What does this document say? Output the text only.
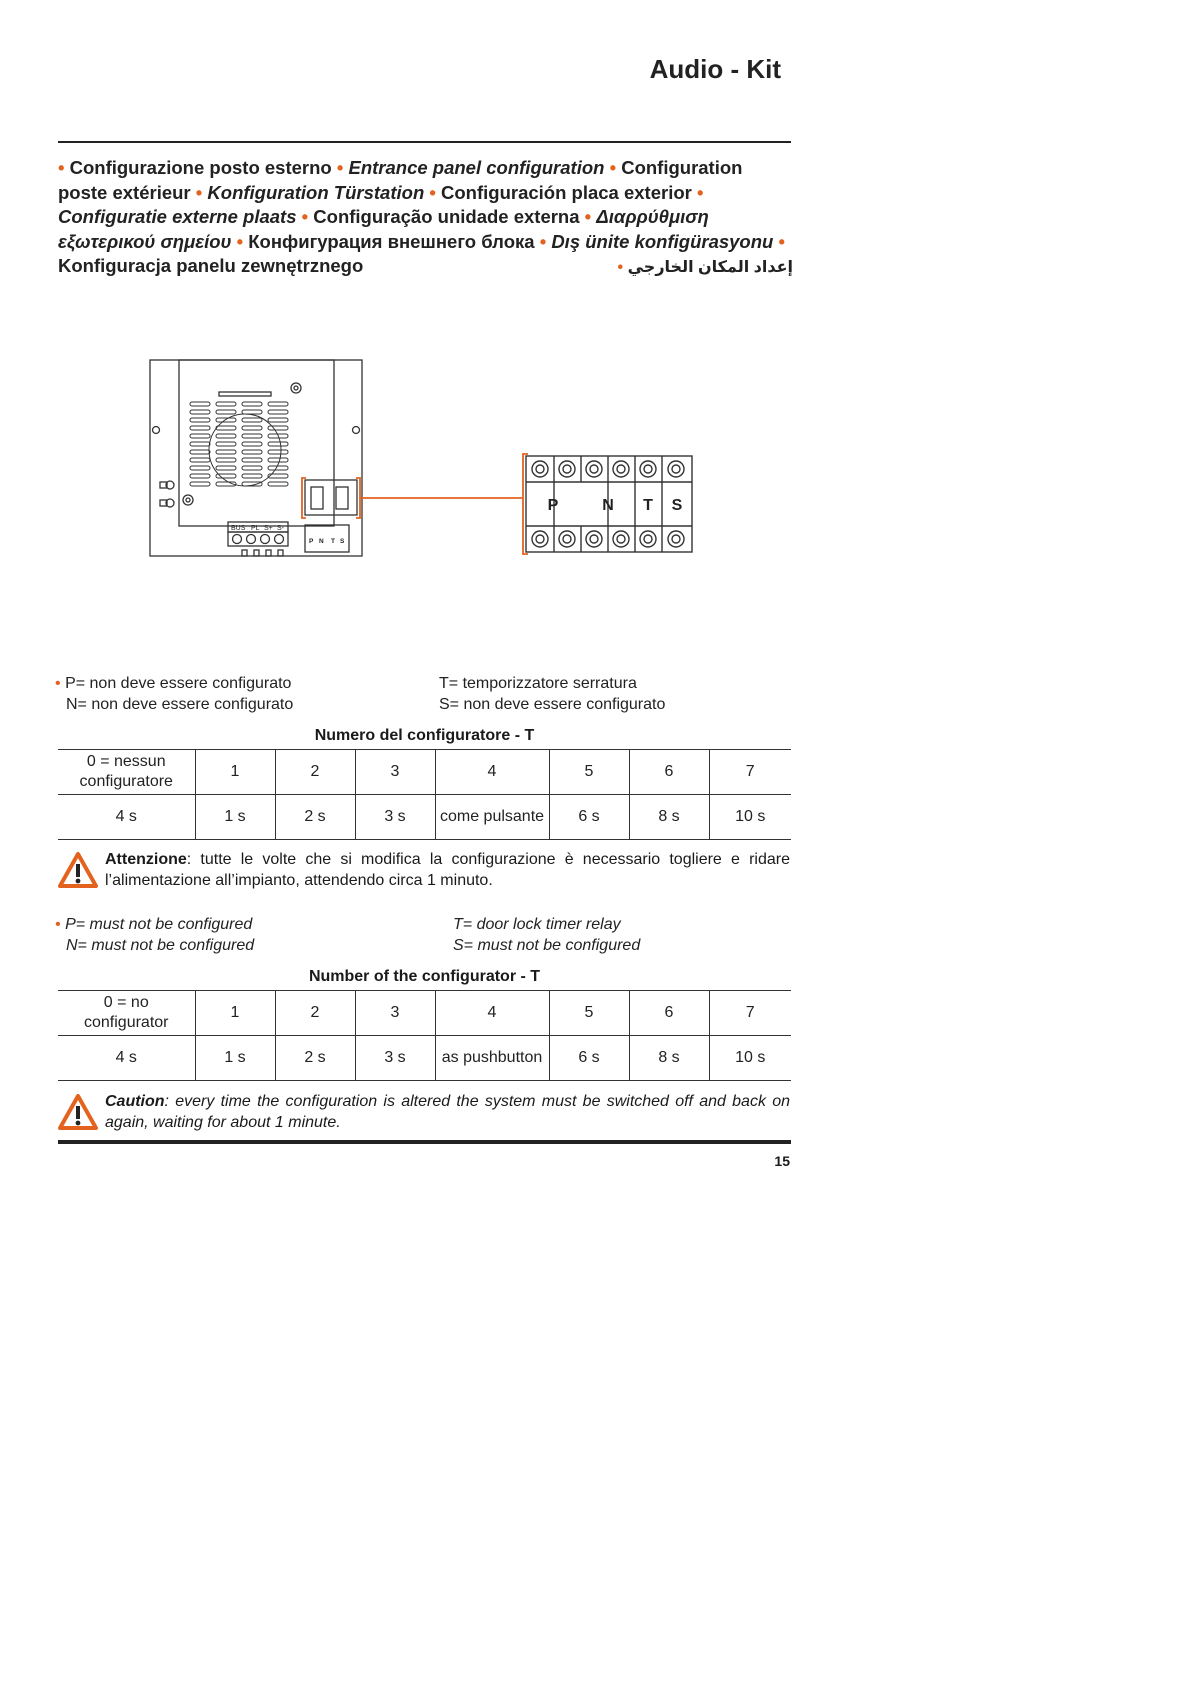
Audio - Kit
• Configurazione posto esterno • Entrance panel configuration • Configuration poste extérieur • Konfiguration Türstation • Configuración placa exterior • Configuratie externe plaats • Configuração unidade externa • Διαρρύθμιση εξωτερικού σημείου • Конфигурация внешнего блока • Dış ünite konfigürasyonu • Konfiguracja panelu zewnętrznego	إعداد المكان الخارجي •
BUS PL S+ S-
P N T S
P	N T S
• P= non deve essere configurato
N= non deve essere configurato
T= temporizzatore serratura
S= non deve essere configurato
Numero del configuratore - T
0 = nessun configuratore	1	2	3	4	5	6	7
4 s	1 s	2 s	3 s	come pulsante	6 s	8 s	10 s
Attenzione: tutte le volte che si modifica la configurazione è necessario togliere e ridare l’alimentazione all’impianto, attendendo circa 1 minuto.
• P= must not be configured
N= must not be configured
T= door lock timer relay
S= must not be configured
Number of the configurator - T
0 = no configurator	1	2	3	4	5	6	7
4 s	1 s	2 s	3 s	as pushbutton	6 s	8 s	10 s
Caution: every time the configuration is altered the system must be switched off and back on again, waiting for about 1 minute.
15
